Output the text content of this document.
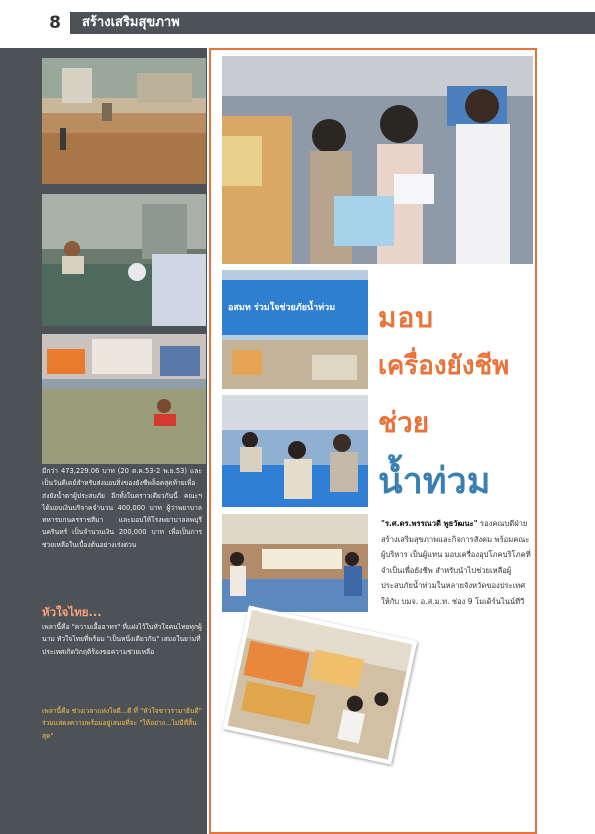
8	สร้างเสริมสุขภาพ
มีกว่า 473,229.06 บาท (20 ต.ค.53-2 พ.ย.53) และเป็นวันดีเดย์สำหรับส่งมอบสิ่งของยังชีพล็อตสุดท้ายเพื่อส่งยังน้ำตาผู้ประสบภัย อีกทั้งในคราวเดียวกันนี้ คณะฯ ได้มอบเงินบริจาคจำนวน 400,000 บาท ผู้ว่าพยาบาลทหารบกนครราชสีมา และมอบให้โรงพยาบาลลพบุรีนครินทร์ เป็นจำนวนเงิน 200,000 บาท เพื่อเป็นการช่วยเหลือในเบื้องต้นอย่างเร่งด่วน
หัวใจไทย...
เพลานี้คือ "ความเอื้ออาทร" ที่แฝงไว้ในหัวใจคนไทยทุกผู้นาม หัวใจไทยที่พร้อม "เป็นหนึ่งเดียวกัน" เสมอในยามที่ประเทศเกิดวิกฤติร้องขอความช่วยเหลือ
เพลานี้คือ ช่วงเวลาแห่งใจดี...ดี ที่ "หัวใจชาวรามาธิบดี" ร่วมแสดงความพร้อมอยู่เสมอที่จะ "ให้อย่าง...ไม่มีที่สิ้นสุด"
อสมท ร่วมใจช่วยภัยน้ำท่วม	มอบ
เครื่องยังชีพ
ช่วย
น้ำท่วม
"ร.ศ.ดร.พรรณวดี พูธวัฒนะ" รองคณบดีฝ่ายสร้างเสริมสุขภาพและกิจการสังคม พร้อมคณะผู้บริหาร เป็นผู้แทน มอบเครื่องอุปโภคบริโภคที่จำเป็นเพื่อยังชีพ สำหรับนำไปช่วยเหลือผู้ประสบภัยน้ำท่วมในหลายจังหวัดของประเทศให้กับ บมจ. อ.ส.ม.ท. ช่อง 9 โมเดิร์นไนน์ทีวี
